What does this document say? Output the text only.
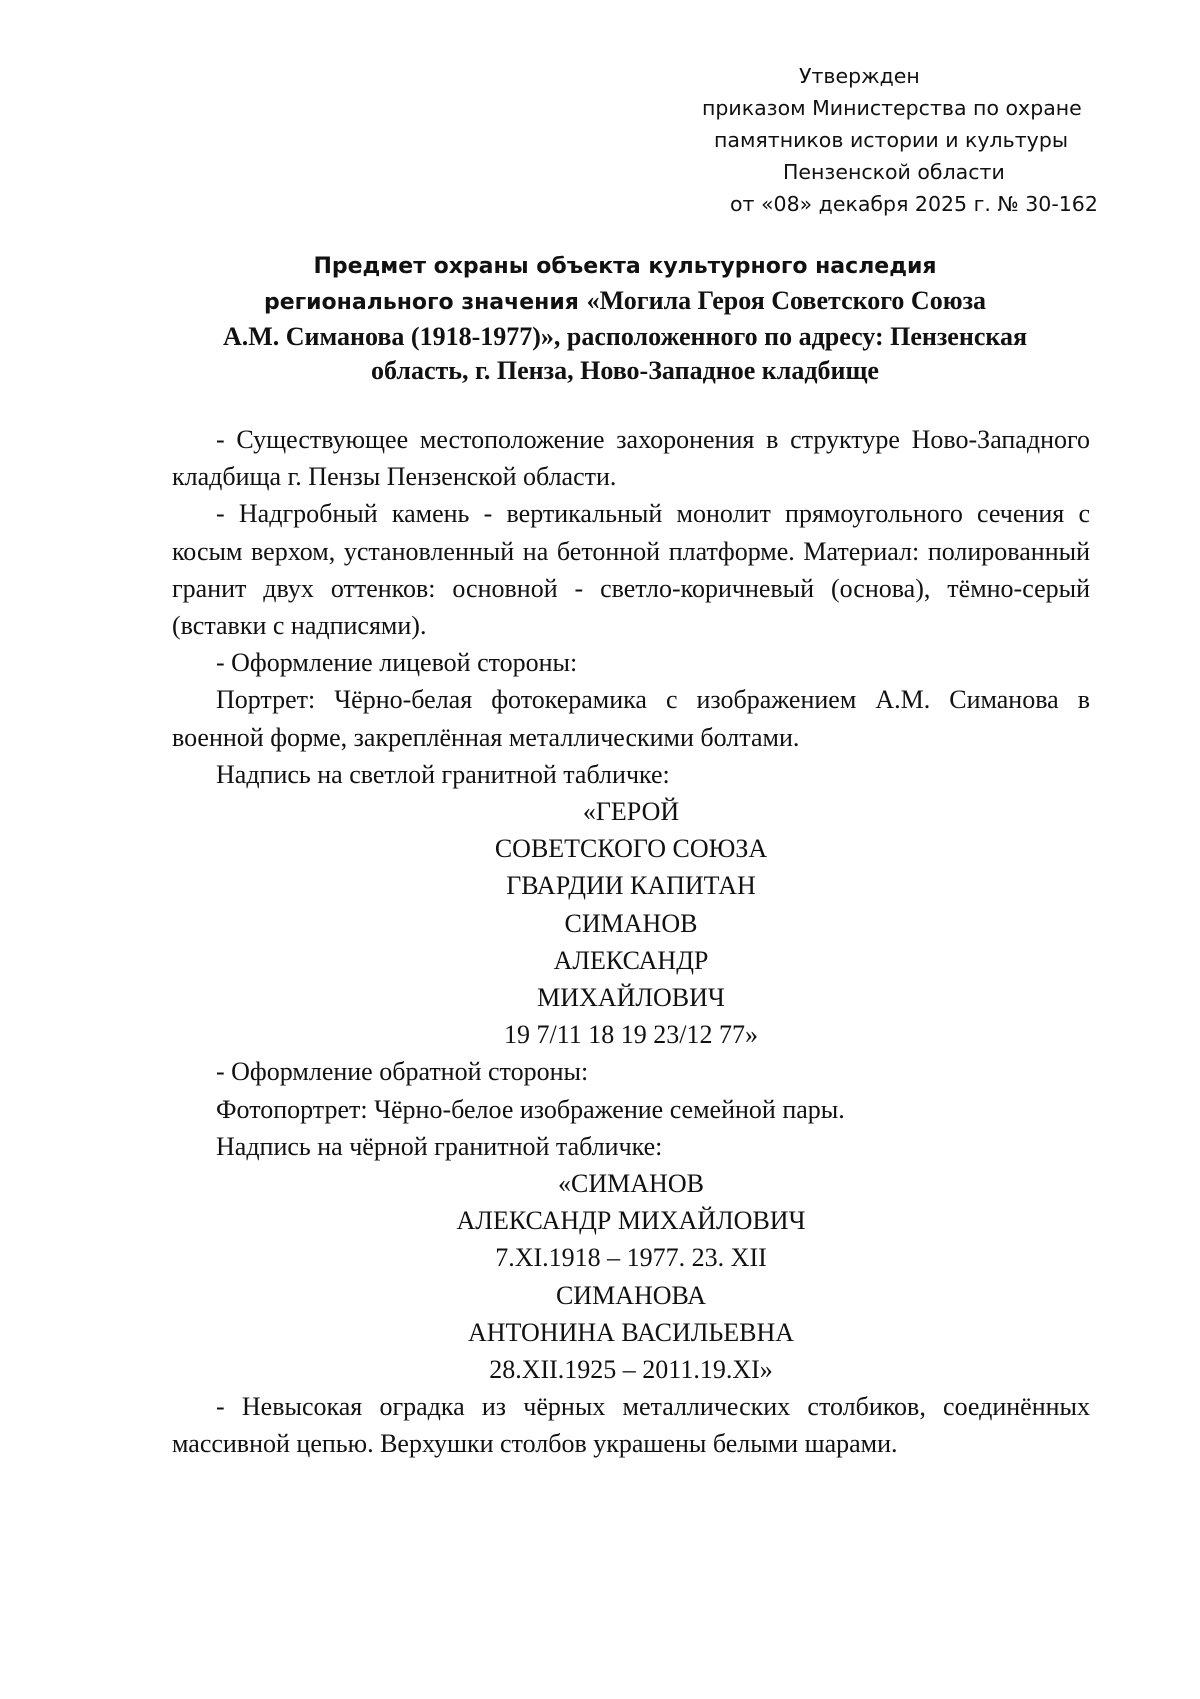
Утвержден
приказом Министерства по охране
памятников истории и культуры
Пензенской области
от «08» декабря 2025 г. № 30-162
Предмет охраны объекта культурного наследия
регионального значения «Могила Героя Советского Союза
А.М. Симанова (1918-1977)», расположенного по адресу: Пензенская
область, г. Пенза, Ново-Западное кладбище

- Существующее местоположение захоронения в структуре Ново-Западного кладбища г. Пензы Пензенской области.

- Надгробный камень - вертикальный монолит прямоугольного сечения с косым верхом, установленный на бетонной платформе. Материал: полированный гранит двух оттенков: основной - светло-коричневый (основа), тёмно-серый (вставки с надписями).

- Оформление лицевой стороны:

Портрет: Чёрно-белая фотокерамика с изображением А.М. Симанова в военной форме, закреплённая металлическими болтами.

Надпись на светлой гранитной табличке:

«ГЕРОЙ

СОВЕТСКОГО СОЮЗА

ГВАРДИИ КАПИТАН

СИМАНОВ

АЛЕКСАНДР

МИХАЙЛОВИЧ

19 7/11 18 19 23/12 77»

- Оформление обратной стороны:

Фотопортрет: Чёрно-белое изображение семейной пары.

Надпись на чёрной гранитной табличке:

«СИМАНОВ

АЛЕКСАНДР МИХАЙЛОВИЧ

7.XI.1918 – 1977. 23. XII

СИМАНОВА

АНТОНИНА ВАСИЛЬЕВНА

28.XII.1925 – 2011.19.XI»

- Невысокая оградка из чёрных металлических столбиков, соединённых массивной цепью. Верхушки столбов украшены белыми шарами.
